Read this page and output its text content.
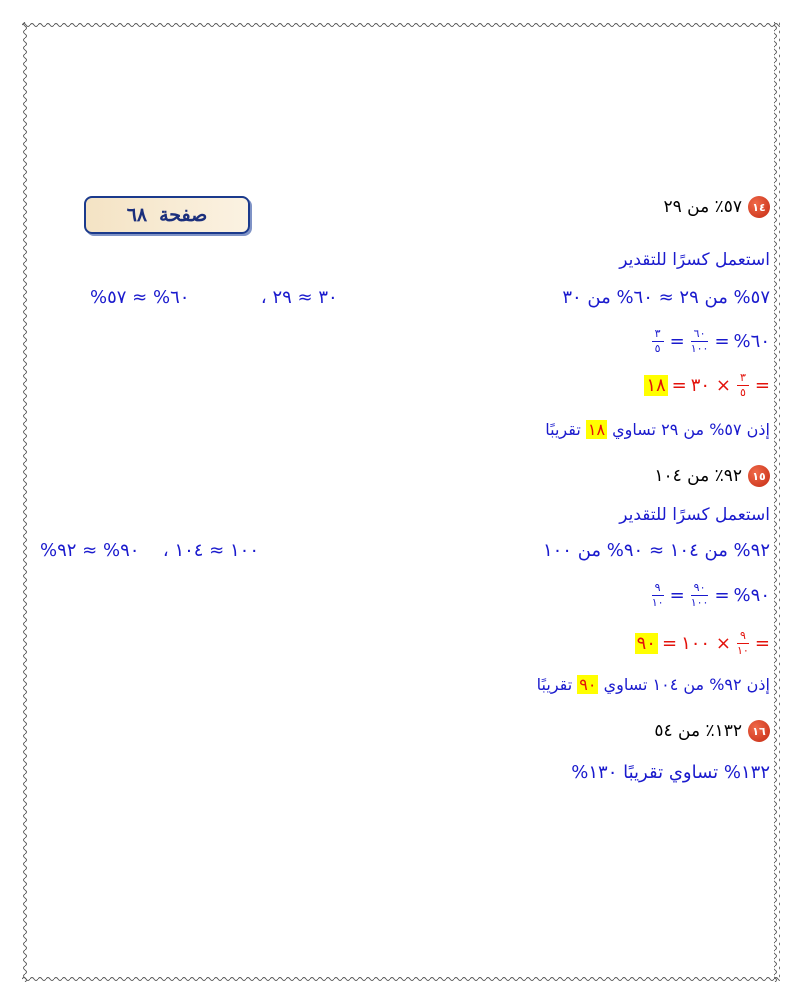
صفحة
٦٨	١٤
٥٧٪ من ٢٩
استعمل كسرًا للتقدير
٥٧% من ٢٩ ≈ ٦٠% من ٣٠
٣٠ ≈ ٢٩ ،  ٦٠% ≈ ٥٧%
٦٠%
=
$\frac{٦٠}{١٠٠}$
=
$\frac{٣}{٥}$
=
$\frac{٣}{٥}$
× ٣٠
=
١٨
إذن ٥٧% من ٢٩ تساوي ١٨ تقريبًا
١٥
٩٢٪ من ١٠٤
استعمل كسرًا للتقدير
٩٢% من ١٠٤ ≈ ٩٠% من ١٠٠
١٠٠ ≈ ١٠٤ ،  ٩٠% ≈ ٩٢%
٩٠%
=
$\frac{٩٠}{١٠٠}$
=
$\frac{٩}{١٠}$
=
$\frac{٩}{١٠}$
× ١٠٠
=
٩٠
إذن ٩٢% من ١٠٤ تساوي ٩٠ تقريبًا
١٦
١٣٢٪ من ٥٤
١٣٢% تساوي تقريبًا ١٣٠%
